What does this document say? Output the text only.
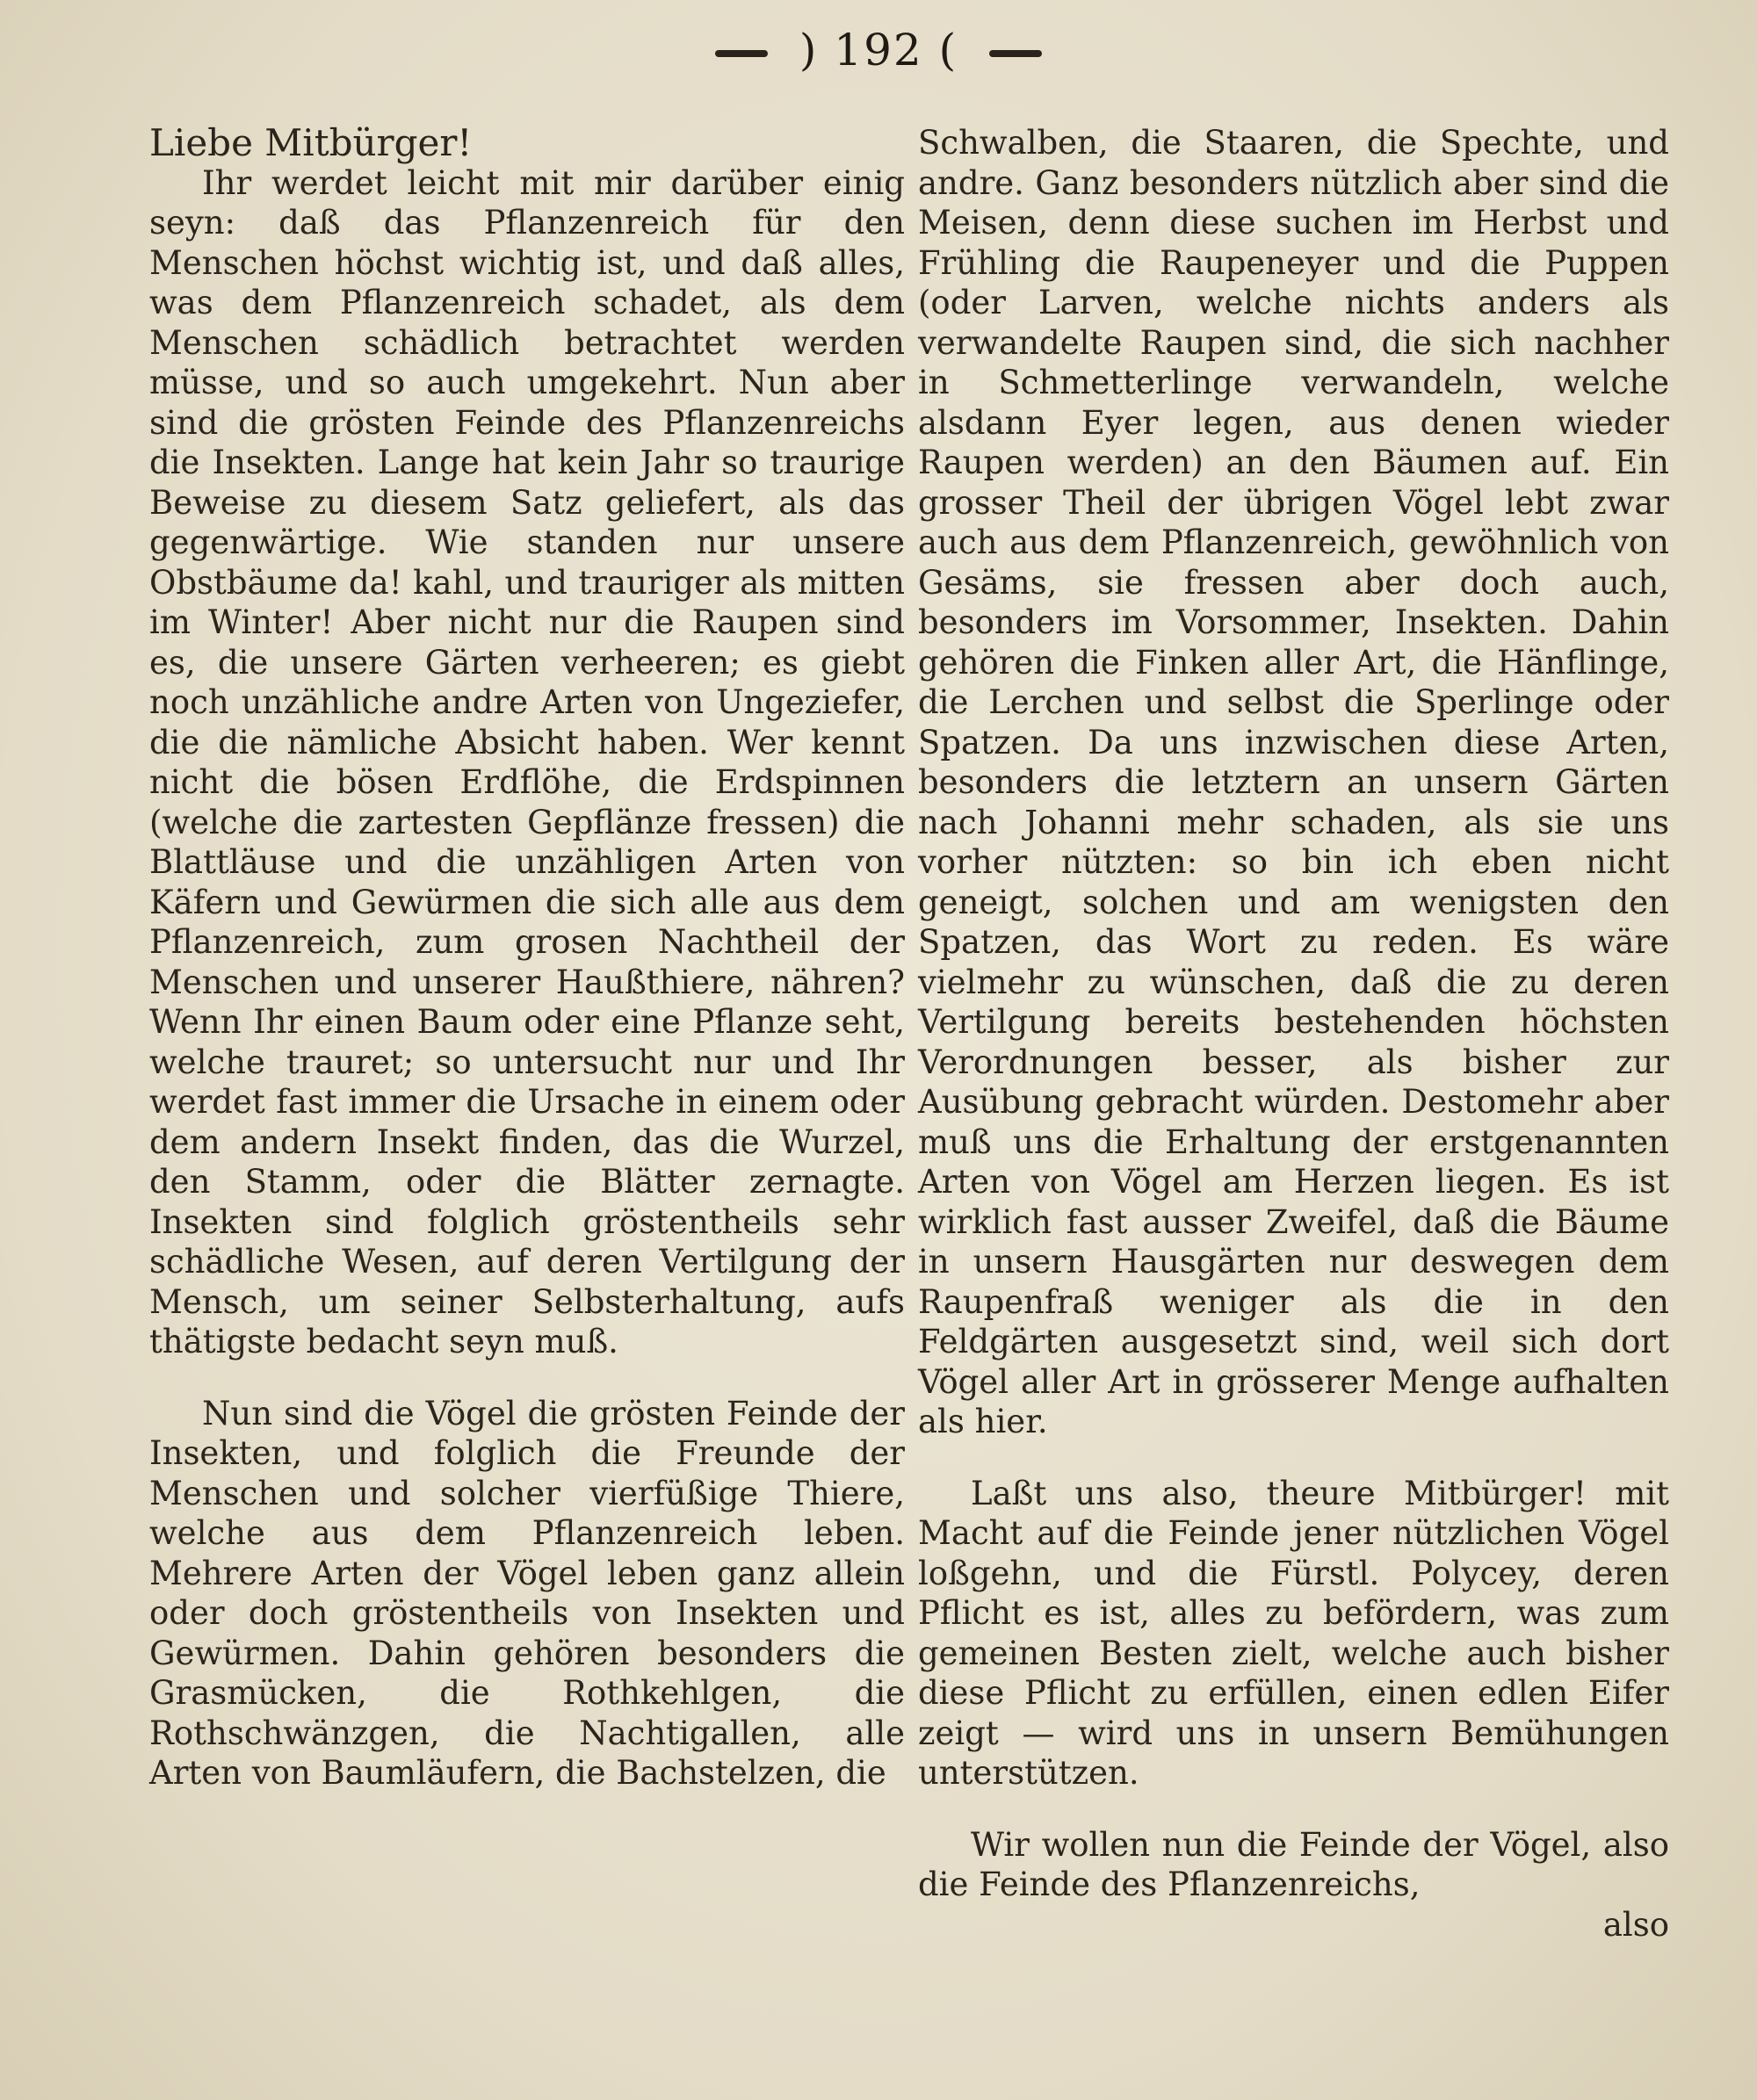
) 192 (

Liebe Mitbürger!

Ihr werdet leicht mit mir darüber einig seyn: daß das Pflanzenreich für den Menschen höchst wichtig ist, und daß alles, was dem Pflanzenreich schadet, als dem Menschen schädlich betrachtet werden müsse, und so auch umgekehrt. Nun aber sind die grösten Feinde des Pflanzenreichs die Insekten. Lange hat kein Jahr so traurige Beweise zu diesem Satz geliefert, als das gegenwärtige. Wie standen nur unsere Obstbäume da! kahl, und trauriger als mitten im Winter! Aber nicht nur die Raupen sind es, die unsere Gärten verheeren; es giebt noch unzähliche andre Arten von Ungeziefer, die die nämliche Absicht haben. Wer kennt nicht die bösen Erdflöhe, die Erdspinnen (welche die zartesten Gepflänze fressen) die Blattläuse und die unzähligen Arten von Käfern und Gewürmen die sich alle aus dem Pflanzenreich, zum grosen Nachtheil der Menschen und unserer Haußthiere, nähren? Wenn Ihr einen Baum oder eine Pflanze seht, welche trauret; so untersucht nur und Ihr werdet fast immer die Ursache in einem oder dem andern Insekt finden, das die Wurzel, den Stamm, oder die Blätter zernagte. Insekten sind folglich gröstentheils sehr schädliche Wesen, auf deren Vertilgung der Mensch, um seiner Selbsterhaltung, aufs thätigste bedacht seyn muß.

Nun sind die Vögel die grösten Feinde der Insekten, und folglich die Freunde der Menschen und solcher vierfüßige Thiere, welche aus dem Pflanzenreich leben. Mehrere Arten der Vögel leben ganz allein oder doch gröstentheils von Insekten und Gewürmen. Dahin gehören besonders die Grasmücken, die Rothkehlgen, die Rothschwänzgen, die Nachtigallen, alle Arten von Baumläufern, die Bachstelzen, die

Schwalben, die Staaren, die Spechte, und andre. Ganz besonders nützlich aber sind die Meisen, denn diese suchen im Herbst und Frühling die Raupeneyer und die Puppen (oder Larven, welche nichts anders als verwandelte Raupen sind, die sich nachher in Schmetterlinge verwandeln, welche alsdann Eyer legen, aus denen wieder Raupen werden) an den Bäumen auf. Ein grosser Theil der übrigen Vögel lebt zwar auch aus dem Pflanzenreich, gewöhnlich von Gesäms, sie fressen aber doch auch, besonders im Vorsommer, Insekten. Dahin gehören die Finken aller Art, die Hänflinge, die Lerchen und selbst die Sperlinge oder Spatzen. Da uns inzwischen diese Arten, besonders die letztern an unsern Gärten nach Johanni mehr schaden, als sie uns vorher nützten: so bin ich eben nicht geneigt, solchen und am wenigsten den Spatzen, das Wort zu reden. Es wäre vielmehr zu wünschen, daß die zu deren Vertilgung bereits bestehenden höchsten Verordnungen besser, als bisher zur Ausübung gebracht würden. Destomehr aber muß uns die Erhaltung der erstgenannten Arten von Vögel am Herzen liegen. Es ist wirklich fast ausser Zweifel, daß die Bäume in unsern Hausgärten nur deswegen dem Raupenfraß weniger als die in den Feldgärten ausgesetzt sind, weil sich dort Vögel aller Art in grösserer Menge aufhalten als hier.

Laßt uns also, theure Mitbürger! mit Macht auf die Feinde jener nützlichen Vögel loßgehn, und die Fürstl. Polycey, deren Pflicht es ist, alles zu befördern, was zum gemeinen Besten zielt, welche auch bisher diese Pflicht zu erfüllen, einen edlen Eifer zeigt — wird uns in unsern Bemühungen unterstützen.

Wir wollen nun die Feinde der Vögel, also die Feinde des Pflanzenreichs,

also
